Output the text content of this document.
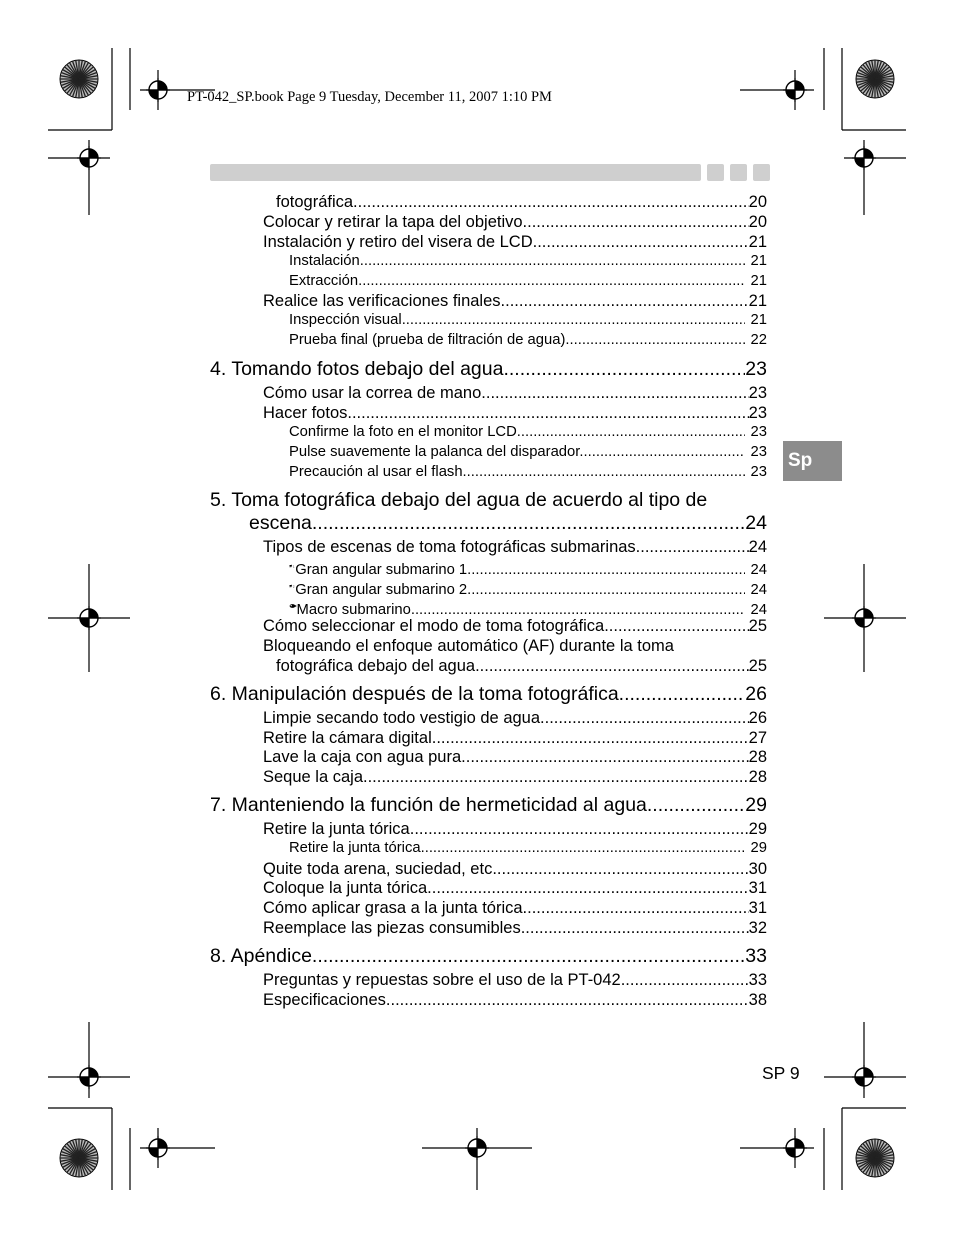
PT-042_SP.book Page 9 Tuesday, December 11, 2007 1:10 PM
Sp
fotográfica. .....	20
Colocar y retirar la tapa del objetivo. .....	20
Instalación y retiro del visera de LCD .....	21
Instalación .....	21
Extracción .....	21
Realice las verificaciones finales. .....	21
Inspección visual .....	21
Prueba final (prueba de filtración de agua) .....	22
4. Tomando fotos debajo del agua .....	23
Cómo usar la correa de mano .....	23
Hacer fotos. .....	23
Confirme la foto en el monitor LCD. .....	23
Pulse suavemente la palanca del disparador. .....	23
Precaución al usar el flash .....	23
5. Toma fotográfica debajo del agua de acuerdo al tipo de
escena .....	24
Tipos de escenas de toma fotográficas submarinas .....	24
1 Gran angular submarino 1 .....	24
2 Gran angular submarino 2 .....	24
Macro submarino .....	24
Cómo seleccionar el modo de toma fotográfica .....	25
Bloqueando el enfoque automático (AF) durante la toma
fotográfica debajo del agua .....	25
6. Manipulación después de la toma fotográfica .....	26
Limpie secando todo vestigio de agua. .....	26
Retire la cámara digital. .....	27
Lave la caja con agua pura. .....	28
Seque la caja. .....	28
7. Manteniendo la función de hermeticidad al agua .....	29
Retire la junta tórica. .....	29
Retire la junta tórica .....	29
Quite toda arena, suciedad, etc. .....	30
Coloque la junta tórica. .....	31
Cómo aplicar grasa a la junta tórica .....	31
Reemplace las piezas consumibles. .....	32
8. Apéndice .....	33
Preguntas y repuestas sobre el uso de la PT-042 .....	33
Especificaciones .....	38
SP 9
